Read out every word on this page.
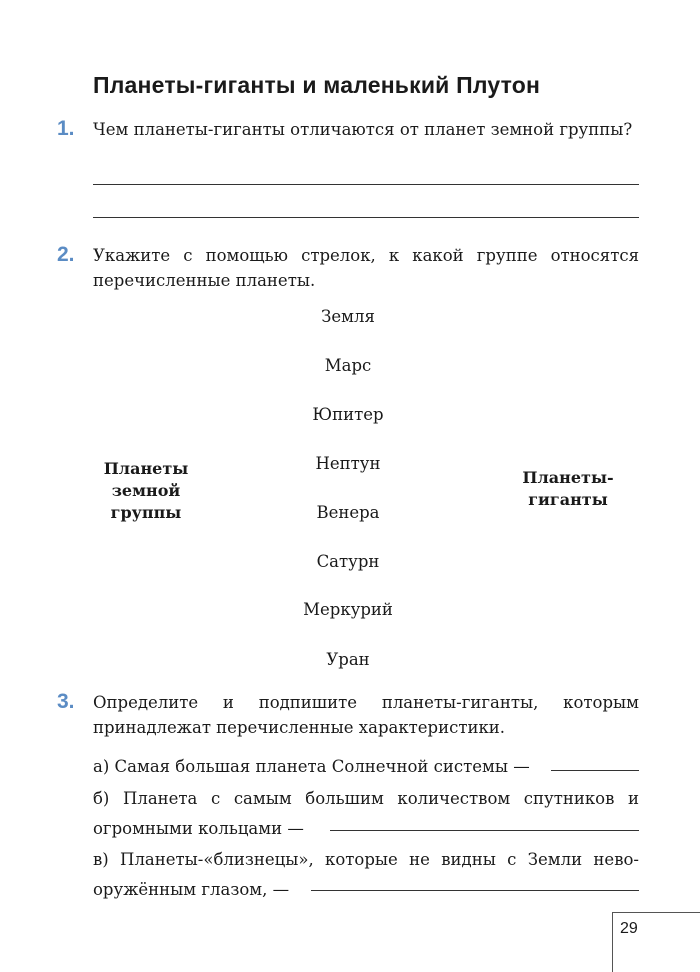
Планеты-гиганты и маленький Плутон
1. Чем планеты-гиганты отличаются от планет земной группы?

2. Укажите с помощью стрелок, к какой группе относятся перечисленные планеты.

Земля
Марс
Юпитер
Нептун
Венера
Сатурн
Меркурий
Уран
Планеты
земной
группы
Планеты-
гиганты
3. Определите и подпишите планеты-гиганты, которым принадлежат перечисленные характеристики.

а) Самая большая планета Солнечной системы —
б) Планета с самым большим количеством спутников и
огромными кольцами —
в) Планеты-«близнецы», которые не видны с Земли нево-
оружённым глазом, —
29
